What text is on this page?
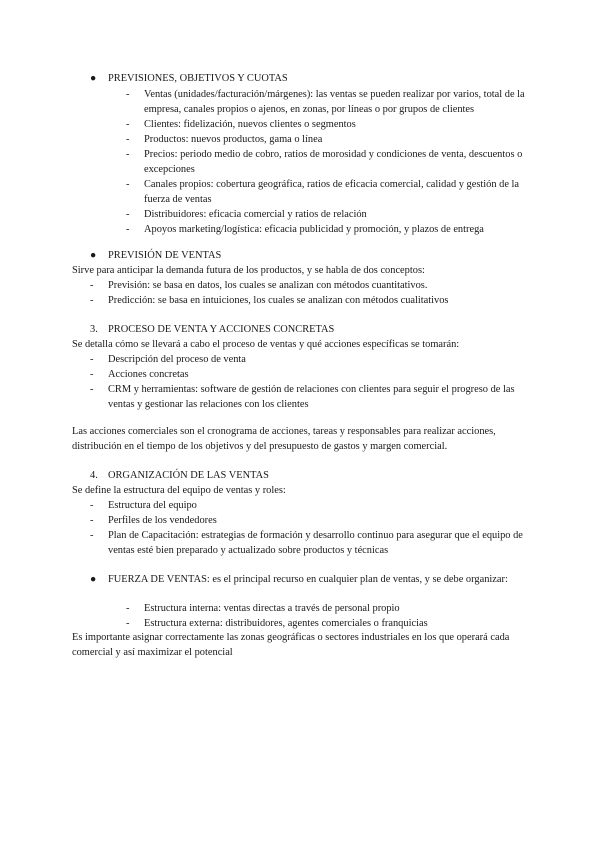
● PREVISIONES, OBJETIVOS Y CUOTAS
- Ventas (unidades/facturación/márgenes): las ventas se pueden realizar por varios, total de la empresa, canales propios o ajenos, en zonas, por líneas o por grupos de clientes
- Clientes: fidelización, nuevos clientes o segmentos
- Productos: nuevos productos, gama o línea
- Precios: periodo medio de cobro, ratios de morosidad y condiciones de venta, descuentos o excepciones
- Canales propios: cobertura geográfica, ratios de eficacia comercial, calidad y gestión de la fuerza de ventas
- Distribuidores: eficacia comercial y ratios de relación
- Apoyos marketing/logística: eficacia publicidad y promoción, y plazos de entrega
● PREVISIÓN DE VENTAS

Sirve para anticipar la demanda futura de los productos, y se habla de dos conceptos:

- Previsión: se basa en datos, los cuales se analizan con métodos cuantitativos.
- Predicción: se basa en intuiciones, los cuales se analizan con métodos cualitativos
3. PROCESO DE VENTA Y ACCIONES CONCRETAS

Se detalla cómo se llevará a cabo el proceso de ventas y qué acciones específicas se tomarán:

- Descripción del proceso de venta
- Acciones concretas
- CRM y herramientas: software de gestión de relaciones con clientes para seguir el progreso de las ventas y gestionar las relaciones con los clientes

Las acciones comerciales son el cronograma de acciones, tareas y responsables para realizar acciones, distribución en el tiempo de los objetivos y del presupuesto de gastos y margen comercial.

4. ORGANIZACIÓN DE LAS VENTAS

Se define la estructura del equipo de ventas y roles:

- Estructura del equipo
- Perfiles de los vendedores
- Plan de Capacitación: estrategias de formación y desarrollo continuo para asegurar que el equipo de ventas esté bien preparado y actualizado sobre productos y técnicas
● FUERZA DE VENTAS: es el principal recurso en cualquier plan de ventas, y se debe organizar:
- Estructura interna: ventas directas a través de personal propio
- Estructura externa: distribuidores, agentes comerciales o franquicias

Es importante asignar correctamente las zonas geográficas o sectores industriales en los que operará cada comercial y así maximizar el potencial
